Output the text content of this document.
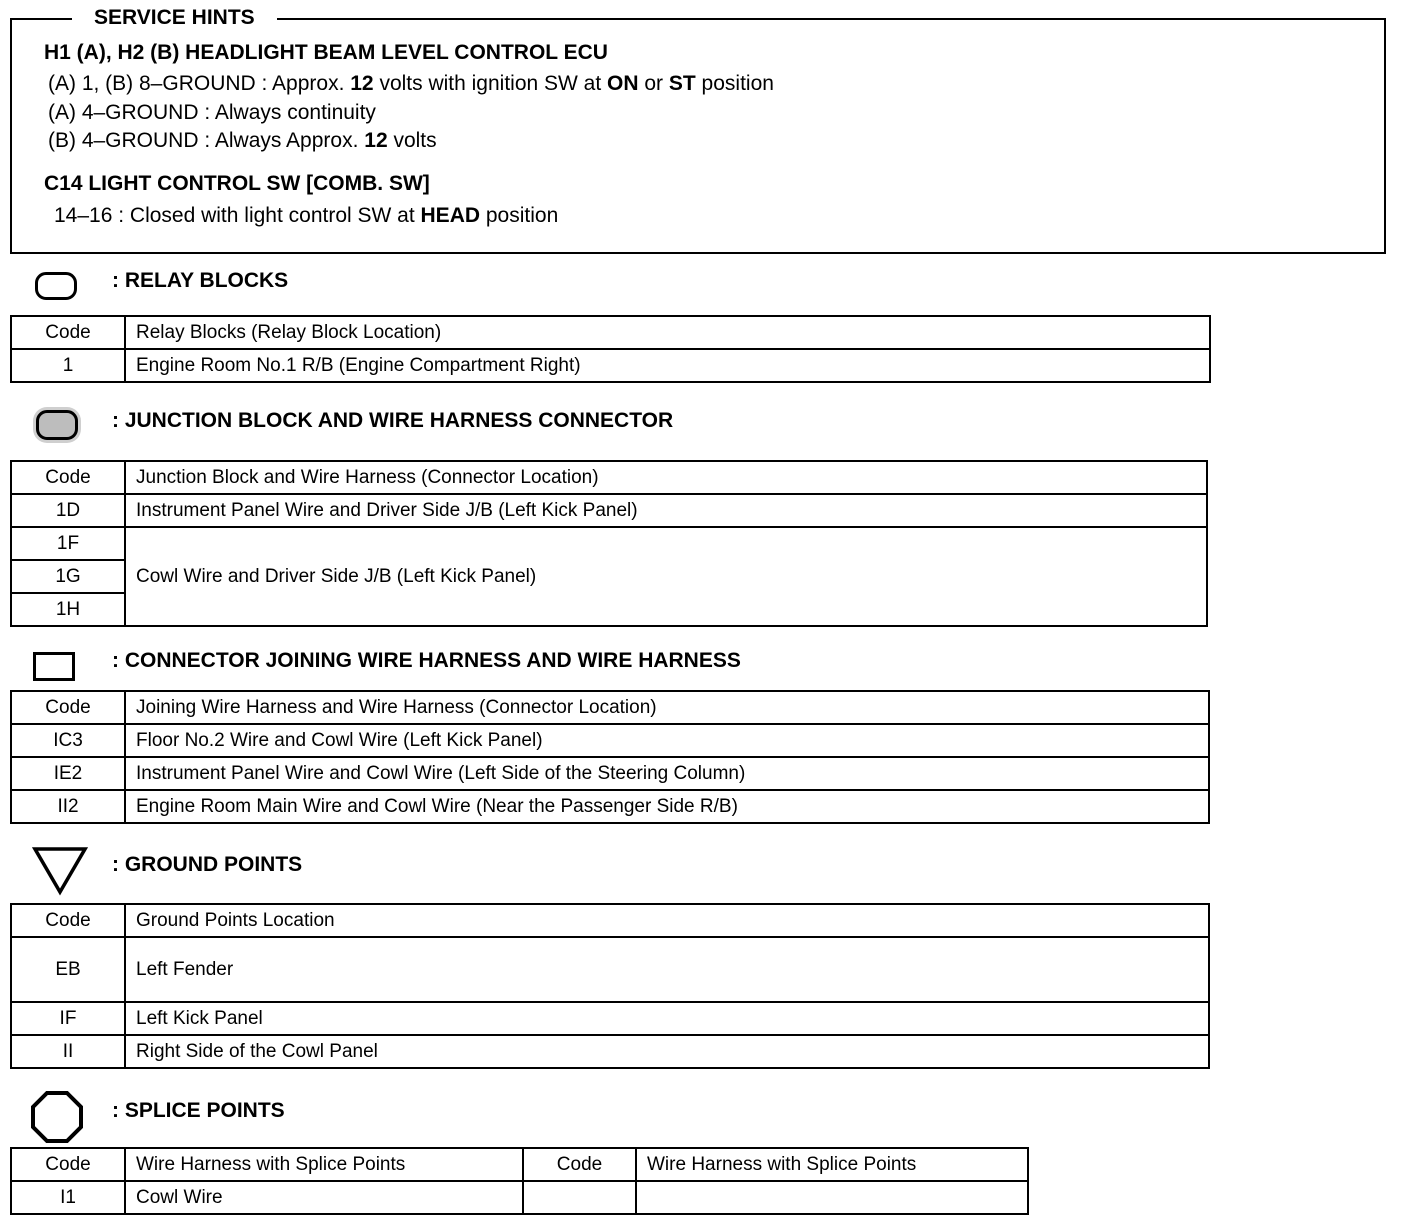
SERVICE HINTS
H1 (A), H2 (B) HEADLIGHT BEAM LEVEL CONTROL ECU
(A) 1, (B) 8–GROUND : Approx. 12 volts with ignition SW at ON or ST position
(A) 4–GROUND : Always continuity
(B) 4–GROUND : Always Approx. 12 volts
C14 LIGHT CONTROL SW [COMB. SW]
14–16 : Closed with light control SW at HEAD position
: RELAY BLOCKS
Code	Relay Blocks (Relay Block Location)
1	Engine Room No.1 R/B (Engine Compartment Right)
: JUNCTION BLOCK AND WIRE HARNESS CONNECTOR
Code	Junction Block and Wire Harness (Connector Location)
1D	Instrument Panel Wire and Driver Side J/B (Left Kick Panel)
1F	Cowl Wire and Driver Side J/B (Left Kick Panel)
1G	
1H	
: CONNECTOR JOINING WIRE HARNESS AND WIRE HARNESS
Code	Joining Wire Harness and Wire Harness (Connector Location)
IC3	Floor No.2 Wire and Cowl Wire (Left Kick Panel)
IE2	Instrument Panel Wire and Cowl Wire (Left Side of the Steering Column)
II2	Engine Room Main Wire and Cowl Wire (Near the Passenger Side R/B)
: GROUND POINTS
Code	Ground Points Location
EB	Left Fender
IF	Left Kick Panel
II	Right Side of the Cowl Panel
: SPLICE POINTS
Code	Wire Harness with Splice Points	Code	Wire Harness with Splice Points
I1	Cowl Wire		
